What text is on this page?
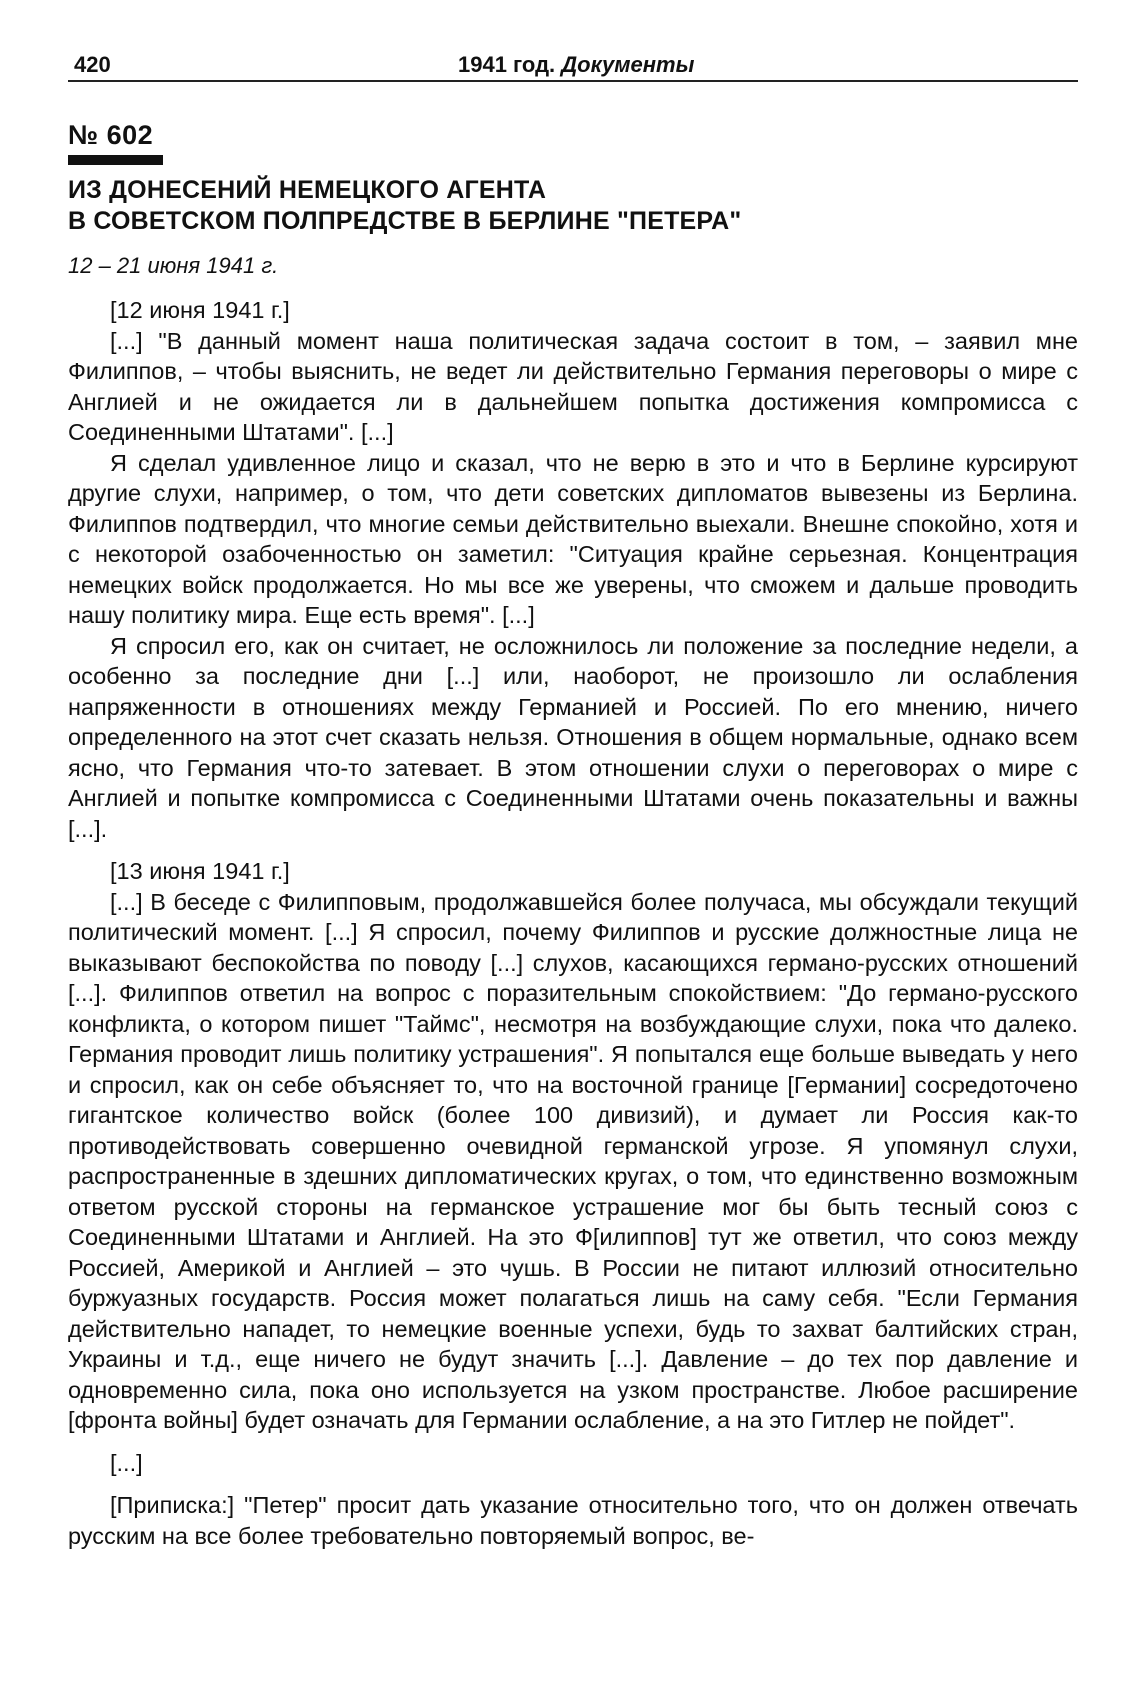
420	1941 год. Документы
№ 602
ИЗ ДОНЕСЕНИЙ НЕМЕЦКОГО АГЕНТА
В СОВЕТСКОМ ПОЛПРЕДСТВЕ В БЕРЛИНЕ "ПЕТЕРА"
12 – 21 июня 1941 г.

[12 июня 1941 г.]

[...] "В данный момент наша политическая задача состоит в том, – заявил мне Филиппов, – чтобы выяснить, не ведет ли действительно Германия переговоры о мире с Англией и не ожидается ли в дальнейшем попытка достижения компромисса с Соединенными Штатами". [...]

Я сделал удивленное лицо и сказал, что не верю в это и что в Берлине курсируют другие слухи, например, о том, что дети советских дипломатов вывезены из Берлина. Филиппов подтвердил, что многие семьи действительно выехали. Внешне спокойно, хотя и с некоторой озабоченностью он заметил: "Ситуация крайне серьезная. Концентрация немецких войск продолжается. Но мы все же уверены, что сможем и дальше проводить нашу политику мира. Еще есть время". [...]

Я спросил его, как он считает, не осложнилось ли положение за последние недели, а особенно за последние дни [...] или, наоборот, не произошло ли ослабления напряженности в отношениях между Германией и Россией. По его мнению, ничего определенного на этот счет сказать нельзя. Отношения в общем нормальные, однако всем ясно, что Германия что-то затевает. В этом отношении слухи о переговорах о мире с Англией и попытке компромисса с Соединенными Штатами очень показательны и важны [...].

[13 июня 1941 г.]

[...] В беседе с Филипповым, продолжавшейся более получаса, мы обсуждали текущий политический момент. [...] Я спросил, почему Филиппов и русские должностные лица не выказывают беспокойства по поводу [...] слухов, касающихся германо-русских отношений [...]. Филиппов ответил на вопрос с поразительным спокойствием: "До германо-русского конфликта, о котором пишет "Таймс", несмотря на возбуждающие слухи, пока что далеко. Германия проводит лишь политику устрашения". Я попытался еще больше выведать у него и спросил, как он себе объясняет то, что на восточной границе [Германии] сосредоточено гигантское количество войск (более 100 дивизий), и думает ли Россия как-то противодействовать совершенно очевидной германской угрозе. Я упомянул слухи, распространенные в здешних дипломатических кругах, о том, что единственно возможным ответом русской стороны на германское устрашение мог бы быть тесный союз с Соединенными Штатами и Англией. На это Ф[илиппов] тут же ответил, что союз между Россией, Америкой и Англией – это чушь. В России не питают иллюзий относительно буржуазных государств. Россия может полагаться лишь на саму себя. "Если Германия действительно нападет, то немецкие военные успехи, будь то захват балтийских стран, Украины и т.д., еще ничего не будут значить [...]. Давление – до тех пор давление и одновременно сила, пока оно используется на узком пространстве. Любое расширение [фронта войны] будет означать для Германии ослабление, а на это Гитлер не пойдет".

[...]

[Приписка:] "Петер" просит дать указание относительно того, что он должен отвечать русским на все более требовательно повторяемый вопрос, ве-
